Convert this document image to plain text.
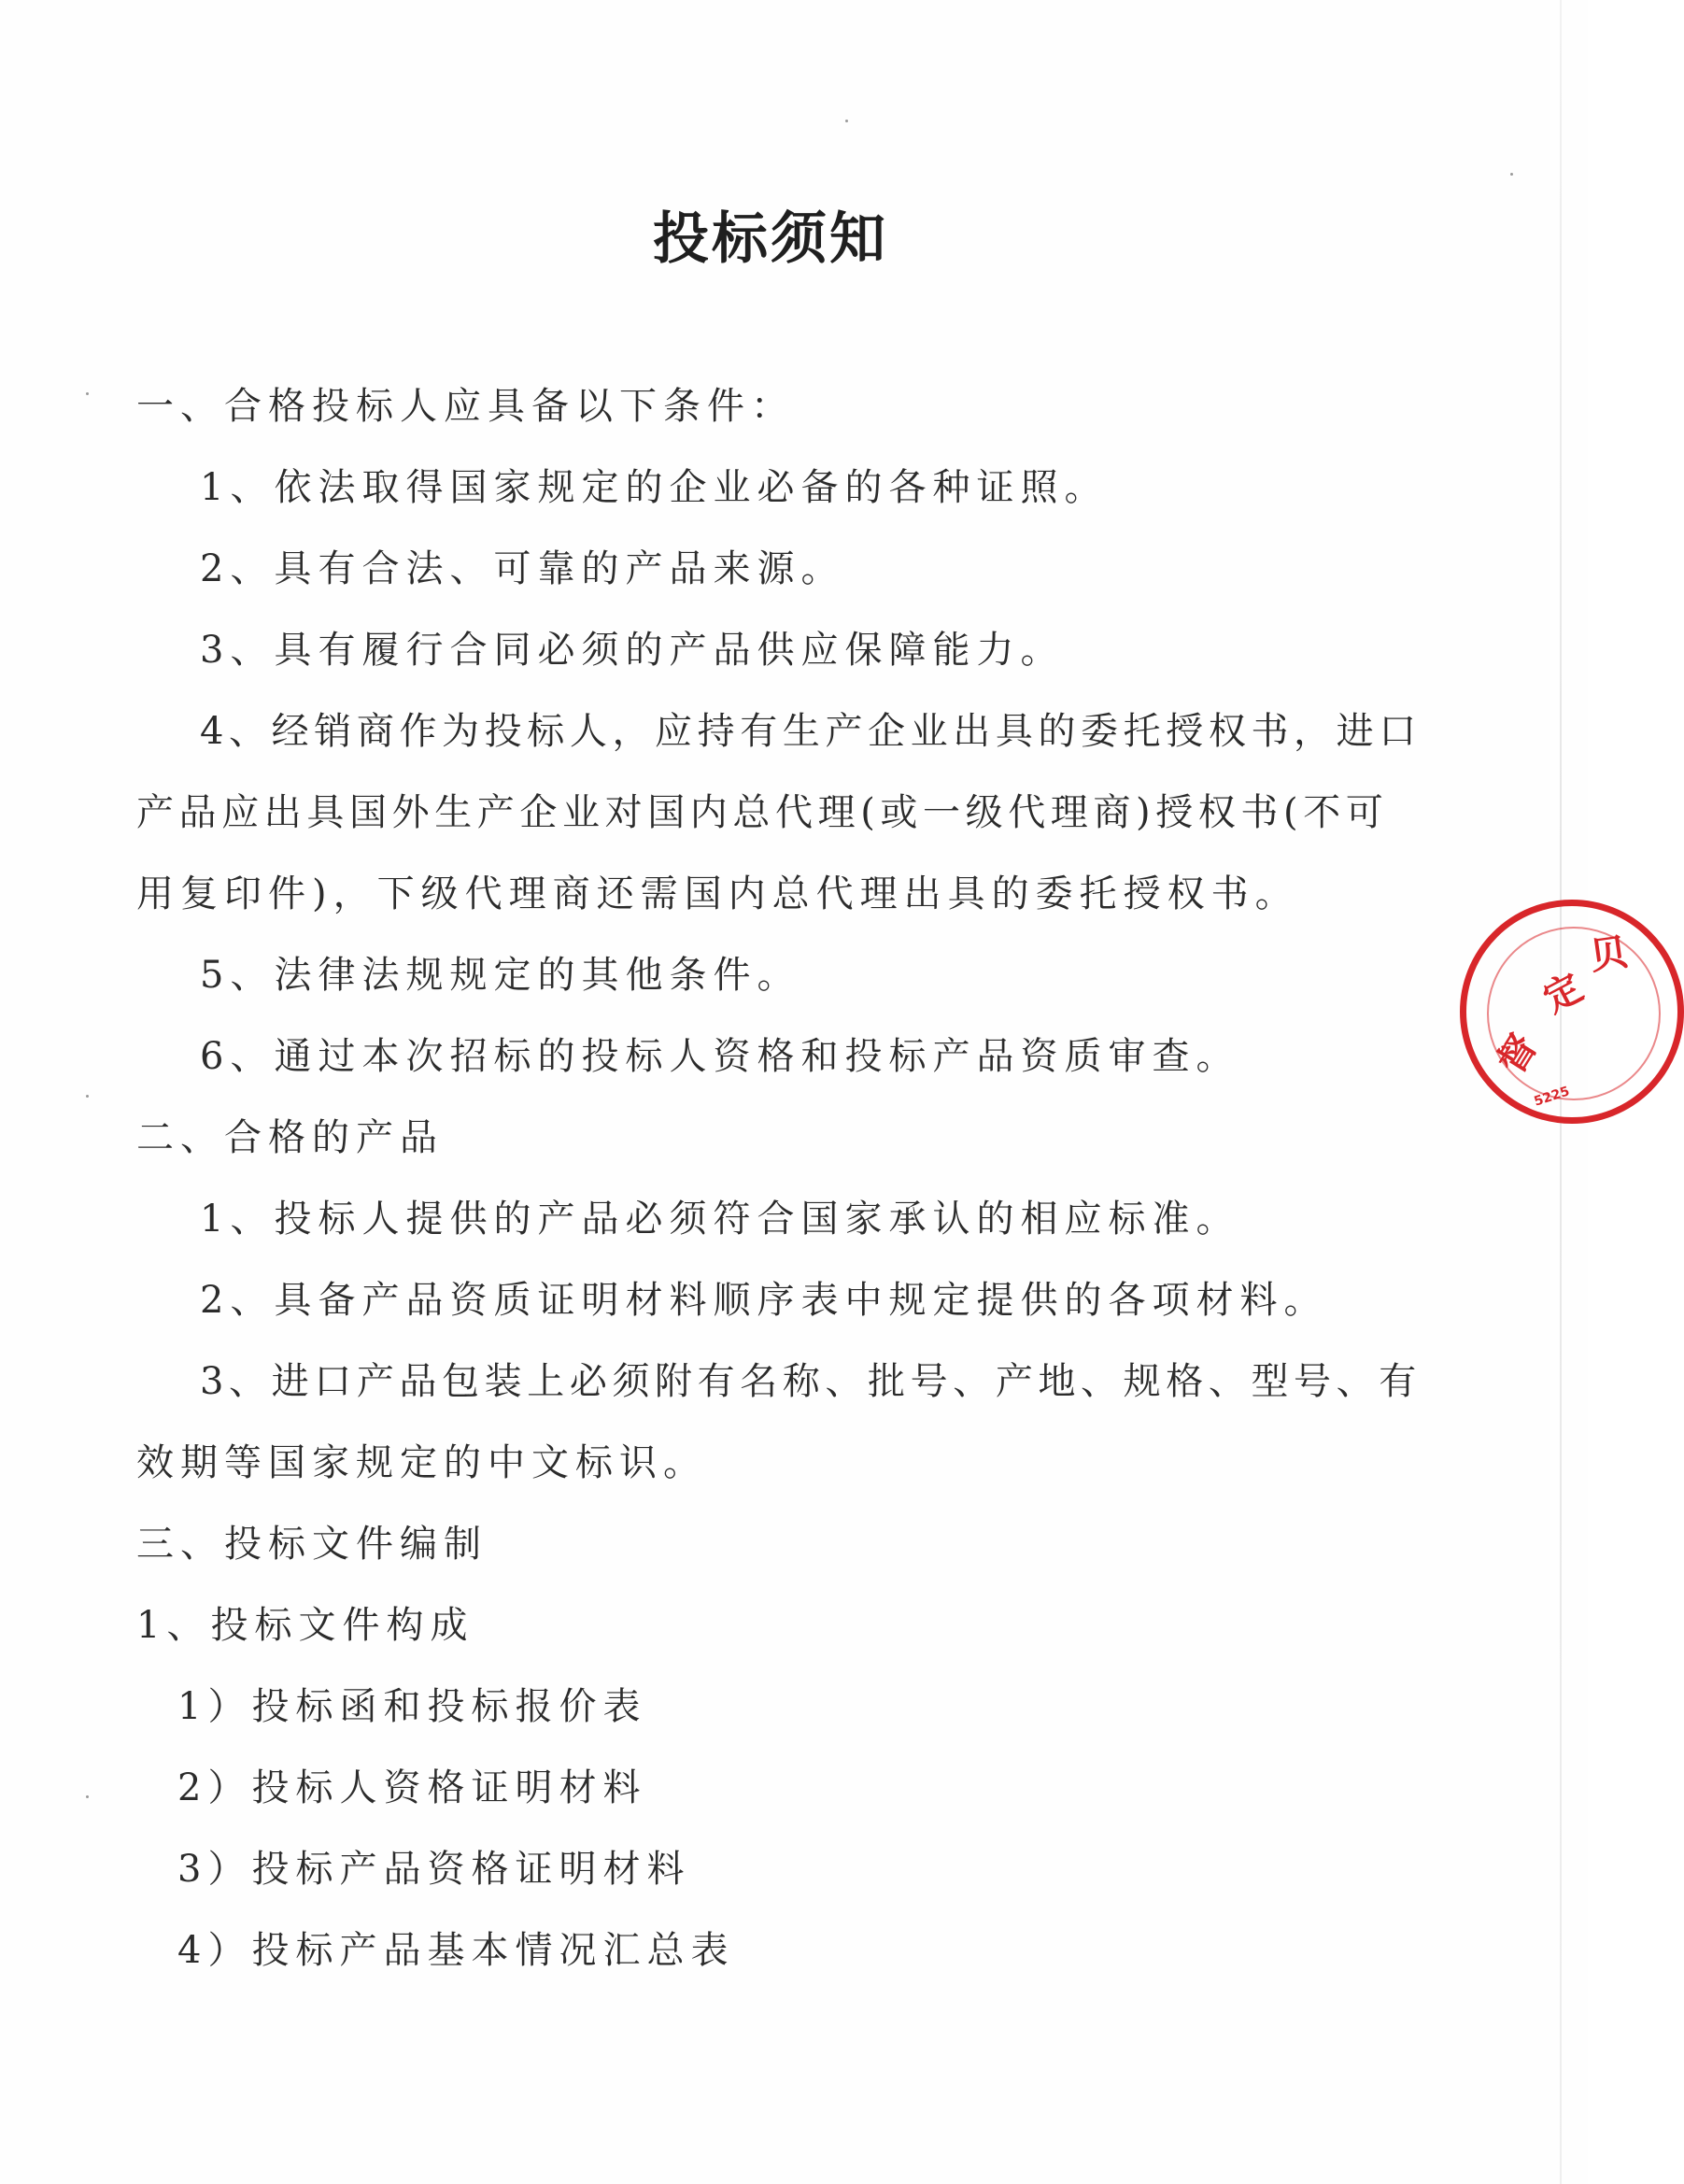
投标须知
一、合格投标人应具备以下条件：
1、依法取得国家规定的企业必备的各种证照。
2、具有合法、可靠的产品来源。
3、具有履行合同必须的产品供应保障能力。
4、经销商作为投标人，应持有生产企业出具的委托授权书，进口
产品应出具国外生产企业对国内总代理(或一级代理商)授权书(不可
用复印件)，下级代理商还需国内总代理出具的委托授权书。
5、法律法规规定的其他条件。
6、通过本次招标的投标人资格和投标产品资质审查。
二、合格的产品
1、投标人提供的产品必须符合国家承认的相应标准。
2、具备产品资质证明材料顺序表中规定提供的各项材料。
3、进口产品包装上必须附有名称、批号、产地、规格、型号、有
效期等国家规定的中文标识。
三、投标文件编制
1、投标文件构成
1）投标函和投标报价表
2）投标人资格证明材料
3）投标产品资格证明材料
4）投标产品基本情况汇总表
定
贝
督
5225
